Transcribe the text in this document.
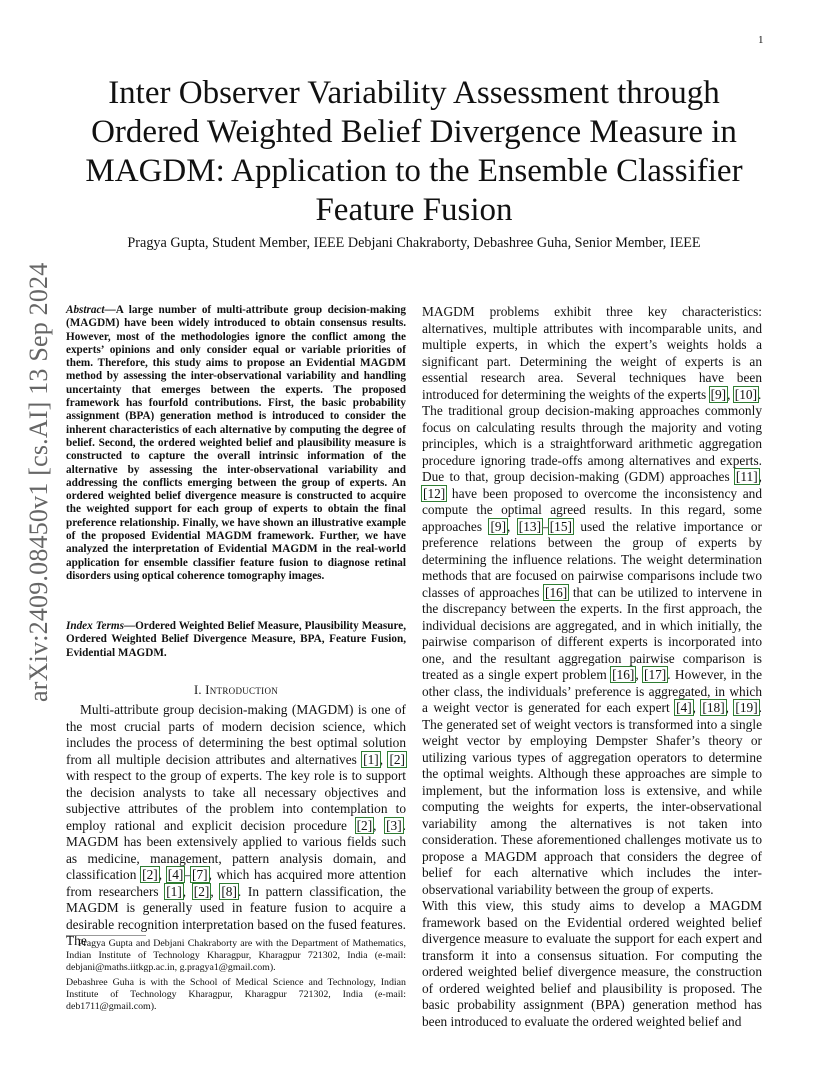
1
Inter Observer Variability Assessment through Ordered Weighted Belief Divergence Measure in MAGDM: Application to the Ensemble Classifier Feature Fusion
Pragya Gupta, Student Member, IEEE Debjani Chakraborty, Debashree Guha, Senior Member, IEEE
arXiv:2409.08450v1 [cs.AI] 13 Sep 2024 Abstract—A large number of multi-attribute group decision-making (MAGDM) have been widely introduced to obtain consensus results. However, most of the methodologies ignore the conflict among the experts’ opinions and only consider equal or variable priorities of them. Therefore, this study aims to propose an Evidential MAGDM method by assessing the inter-observational variability and handling uncertainty that emerges between the experts. The proposed framework has fourfold contributions. First, the basic probability assignment (BPA) generation method is introduced to consider the inherent characteristics of each alternative by computing the degree of belief. Second, the ordered weighted belief and plausibility measure is constructed to capture the overall intrinsic information of the alternative by assessing the inter-observational variability and addressing the conflicts emerging between the group of experts. An ordered weighted belief divergence measure is constructed to acquire the weighted support for each group of experts to obtain the final preference relationship. Finally, we have shown an illustrative example of the proposed Evidential MAGDM framework. Further, we have analyzed the interpretation of Evidential MAGDM in the real-world application for ensemble classifier feature fusion to diagnose retinal disorders using optical coherence tomography images.
Index Terms—Ordered Weighted Belief Measure, Plausibility Measure, Ordered Weighted Belief Divergence Measure, BPA, Feature Fusion, Evidential MAGDM.
I. Introduction

Multi-attribute group decision-making (MAGDM) is one of the most crucial parts of modern decision science, which includes the process of determining the best optimal solution from all multiple decision attributes and alternatives [1], [2] with respect to the group of experts. The key role is to support the decision analysts to take all necessary objectives and subjective attributes of the problem into contemplation to employ rational and explicit decision procedure [2], [3]. MAGDM has been extensively applied to various fields such as medicine, management, pattern analysis domain, and classification [2], [4]–[7], which has acquired more attention from researchers [1], [2], [8]. In pattern classification, the MAGDM is generally used in feature fusion to acquire a desirable recognition interpretation based on the fused features. The

Pragya Gupta and Debjani Chakraborty are with the Department of Mathematics, Indian Institute of Technology Kharagpur, Kharagpur 721302, India (e-mail: debjani@maths.iitkgp.ac.in, g.pragya1@gmail.com).

Debashree Guha is with the School of Medical Science and Technology, Indian Institute of Technology Kharagpur, Kharagpur 721302, India (e-mail: deb1711@gmail.com).

MAGDM problems exhibit three key characteristics: alternatives, multiple attributes with incomparable units, and multiple experts, in which the expert’s weights holds a significant part. Determining the weight of experts is an essential research area. Several techniques have been introduced for determining the weights of the experts [9], [10].

The traditional group decision-making approaches commonly focus on calculating results through the majority and voting principles, which is a straightforward arithmetic aggregation procedure ignoring trade-offs among alternatives and experts. Due to that, group decision-making (GDM) approaches [11], [12] have been proposed to overcome the inconsistency and compute the optimal agreed results. In this regard, some approaches [9], [13]–[15] used the relative importance or preference relations between the group of experts by determining the influence relations. The weight determination methods that are focused on pairwise comparisons include two classes of approaches [16] that can be utilized to intervene in the discrepancy between the experts. In the first approach, the individual decisions are aggregated, and in which initially, the pairwise comparison of different experts is incorporated into one, and the resultant aggregation pairwise comparison is treated as a single expert problem [16], [17]. However, in the other class, the individuals’ preference is aggregated, in which a weight vector is generated for each expert [4], [18], [19]. The generated set of weight vectors is transformed into a single weight vector by employing Dempster Shafer’s theory or utilizing various types of aggregation operators to determine the optimal weights. Although these approaches are simple to implement, but the information loss is extensive, and while computing the weights for experts, the inter-observational variability among the alternatives is not taken into consideration. These aforementioned challenges motivate us to propose a MAGDM approach that considers the degree of belief for each alternative which includes the inter-observational variability between the group of experts.

With this view, this study aims to develop a MAGDM framework based on the Evidential ordered weighted belief divergence measure to evaluate the support for each expert and transform it into a consensus situation. For computing the ordered weighted belief divergence measure, the construction of ordered weighted belief and plausibility is proposed. The basic probability assignment (BPA) generation method has been introduced to evaluate the ordered weighted belief and
